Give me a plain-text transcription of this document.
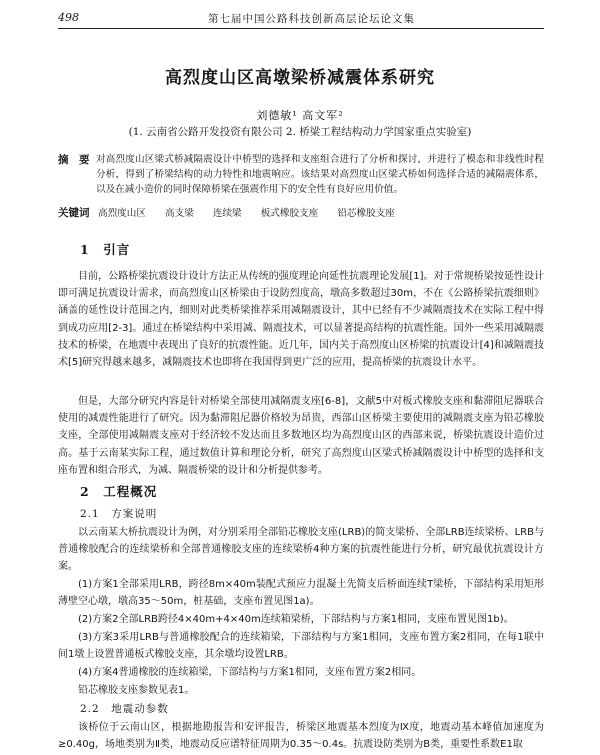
498	第七届中国公路科技创新高层论坛论文集
高烈度山区高墩梁桥减震体系研究
刘德敏¹ 高文军²
(1. 云南省公路开发投资有限公司 2. 桥梁工程结构动力学国家重点实验室)
摘　要 对高烈度山区梁式桥减隔震设计中桥型的选择和支座组合进行了分析和探讨，并进行了模态和非线性时程分析，得到了桥梁结构的动力特性和地震响应。该结果对高烈度山区梁式桥如何选择合适的减隔震体系，以及在减小造价的同时保障桥梁在强震作用下的安全性有良好应用价值。
关键词 高烈度山区 高支梁 连续梁 板式橡胶支座 铅芯橡胶支座
1　引言
目前，公路桥梁抗震设计设计方法正从传统的强度理论向延性抗震理论发展[1]。对于常规桥梁按延性设计即可满足抗震设计需求，而高烈度山区桥梁由于设防烈度高，墩高多数超过30m，不在《公路桥梁抗震细则》涵盖的延性设计范围之内，细则对此类桥梁推荐采用减隔震设计，其中已经有不少减隔震技术在实际工程中得到成功应用[2-3]。通过在桥梁结构中采用减、隔震技术，可以显著提高结构的抗震性能。国外一些采用减隔震技术的桥梁，在地震中表现出了良好的抗震性能。近几年，国内关于高烈度山区桥梁的抗震设计[4]和减隔震技术[5]研究得越来越多，减隔震技术也即将在我国得到更广泛的应用，提高桥梁的抗震设计水平。
但是，大部分研究内容是针对桥梁全部使用减隔震支座[6-8]，文献5中对板式橡胶支座和黏滞阻尼器联合使用的减震性能进行了研究。因为黏滞阻尼器价格较为昂贵，西部山区桥梁主要使用的减隔震支座为铅芯橡胶支座，全部使用减隔震支座对于经济较不发达而且多数地区均为高烈度山区的西部来说，桥梁抗震设计造价过高。基于云南某实际工程，通过数值计算和理论分析，研究了高烈度山区梁式桥减隔震设计中桥型的选择和支座布置和组合形式，为减、隔震桥梁的设计和分析提供参考。
2　工程概况
2.1　方案说明
以云南某大桥抗震设计为例，对分别采用全部铅芯橡胶支座(LRB)的简支梁桥、全部LRB连续梁桥、LRB与普通橡胶配合的连续梁桥和全部普通橡胶支座的连续梁桥4种方案的抗震性能进行分析，研究最优抗震设计方案。
(1)方案1全部采用LRB，跨径8m×40m装配式预应力混凝土先简支后桥面连续T梁桥，下部结构采用矩形薄壁空心墩，墩高35～50m，桩基础，支座布置见图1a)。
(2)方案2全部LRB跨径4×40m+4×40m连续箱梁桥，下部结构与方案1相同，支座布置见图1b)。
(3)方案3采用LRB与普通橡胶配合的连续箱梁，下部结构与方案1相同，支座布置方案2相同，在每1联中间1墩上设置普通板式橡胶支座，其余墩均设置LRB。
(4)方案4普通橡胶的连续箱梁，下部结构与方案1相同，支座布置方案2相同。
铅芯橡胶支座参数见表1。
2.2　地震动参数
该桥位于云南山区，根据地勘报告和安评报告，桥梁区地震基本烈度为Ⅸ度，地震动基本峰值加速度为≥0.40g，场地类别为Ⅱ类，地震动反应谱特征周期为0.35～0.4s。抗震设防类别为B类，重要性系数E1取
